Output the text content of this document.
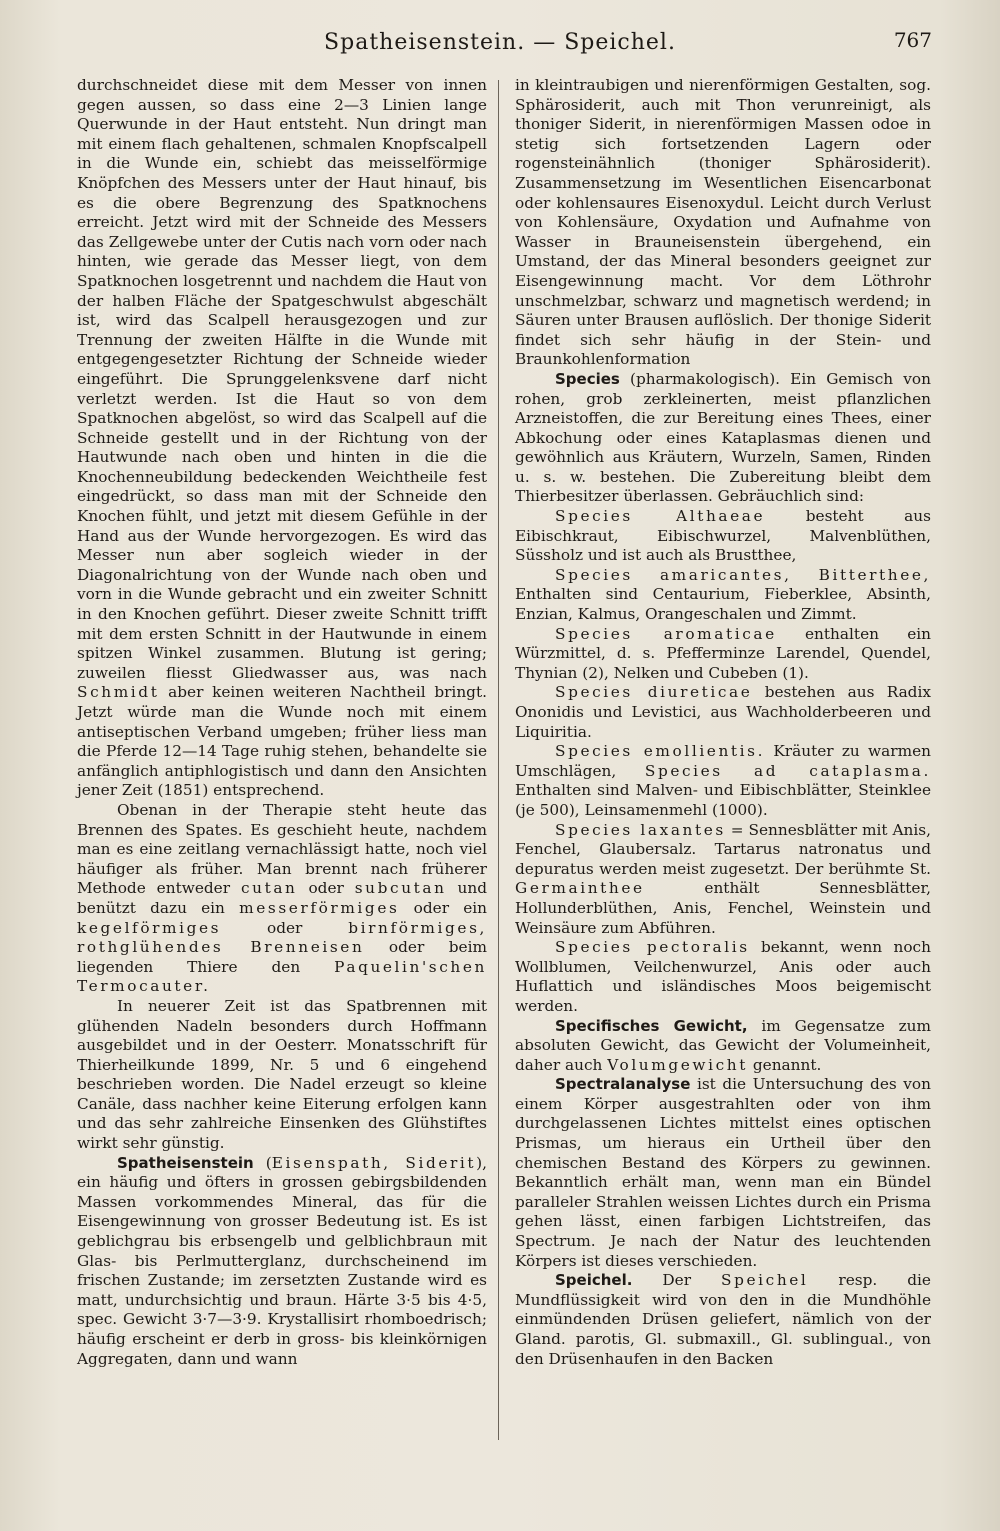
Spatheisenstein. — Speichel.	767

durchschneidet diese mit dem Messer von innen gegen aussen, so dass eine 2—3 Linien lange Querwunde in der Haut entsteht. Nun dringt man mit einem flach gehaltenen, schmalen Knopfscalpell in die Wunde ein, schiebt das meisselförmige Knöpfchen des Messers unter der Haut hinauf, bis es die obere Begrenzung des Spatknochens erreicht. Jetzt wird mit der Schneide des Messers das Zellgewebe unter der Cutis nach vorn oder nach hinten, wie gerade das Messer liegt, von dem Spatknochen losgetrennt und nachdem die Haut von der halben Fläche der Spatgeschwulst abgeschält ist, wird das Scalpell herausgezogen und zur Trennung der zweiten Hälfte in die Wunde mit entgegengesetzter Richtung der Schneide wieder eingeführt. Die Sprunggelenksvene darf nicht verletzt werden. Ist die Haut so von dem Spatknochen abgelöst, so wird das Scalpell auf die Schneide gestellt und in der Richtung von der Hautwunde nach oben und hinten in die die Knochenneubildung bedeckenden Weichtheile fest eingedrückt, so dass man mit der Schneide den Knochen fühlt, und jetzt mit diesem Gefühle in der Hand aus der Wunde hervorgezogen. Es wird das Messer nun aber sogleich wieder in der Diagonalrichtung von der Wunde nach oben und vorn in die Wunde gebracht und ein zweiter Schnitt in den Knochen geführt. Dieser zweite Schnitt trifft mit dem ersten Schnitt in der Hautwunde in einem spitzen Winkel zusammen. Blutung ist gering; zuweilen fliesst Gliedwasser aus, was nach Schmidt aber keinen weiteren Nachtheil bringt. Jetzt würde man die Wunde noch mit einem antiseptischen Verband umgeben; früher liess man die Pferde 12—14 Tage ruhig stehen, behandelte sie anfänglich antiphlogistisch und dann den Ansichten jener Zeit (1851) entsprechend.

Obenan in der Therapie steht heute das Brennen des Spates. Es geschieht heute, nachdem man es eine zeitlang vernachlässigt hatte, noch viel häufiger als früher. Man brennt nach früherer Methode entweder cutan oder subcutan und benützt dazu ein messerförmiges oder ein kegelförmiges	oder	birnförmiges, rothglühendes Brenneisen oder beim liegenden Thiere den Paquelin'schen Termocauter.

In neuerer Zeit ist das Spatbrennen mit glühenden Nadeln besonders durch Hoffmann ausgebildet und in der Oesterr. Monatsschrift für Thierheilkunde 1899, Nr. 5 und 6 eingehend beschrieben worden. Die Nadel erzeugt so kleine Canäle, dass nachher keine Eiterung erfolgen kann und das sehr zahlreiche Einsenken des Glühstiftes wirkt sehr günstig.

Spatheisenstein (Eisenspath, Siderit), ein häufig und öfters in grossen gebirgsbildenden Massen vorkommendes Mineral, das für die Eisengewinnung von grosser Bedeutung ist. Es ist geblichgrau bis erbsengelb und gelblichbraun mit Glas- bis Perlmutterglanz, durchscheinend im frischen Zustande; im zersetzten Zustande wird es matt, undurchsichtig und braun. Härte 3·5 bis 4·5, spec. Gewicht 3·7—3·9. Krystallisirt rhomboedrisch; häufig erscheint er derb in gross- bis kleinkörnigen Aggregaten, dann und wann

in kleintraubigen und nierenförmigen Gestalten, sog. Sphärosiderit, auch mit Thon verunreinigt, als thoniger Siderit, in nierenförmigen Massen odoe in stetig sich fortsetzenden Lagern oder rogensteinähnlich (thoniger Sphärosiderit). Zusammensetzung im Wesentlichen Eisencarbonat oder kohlensaures Eisenoxydul. Leicht durch Verlust von Kohlensäure, Oxydation und Aufnahme von Wasser in Brauneisenstein übergehend, ein Umstand, der das Mineral besonders geeignet zur Eisengewinnung macht. Vor dem Löthrohr unschmelzbar, schwarz und magnetisch werdend; in Säuren unter Brausen auflöslich. Der thonige Siderit findet sich sehr häufig in der Stein- und Braunkohlenformation

Species (pharmakologisch). Ein Gemisch von rohen, grob zerkleinerten, meist pflanzlichen Arzneistoffen, die zur Bereitung eines Thees, einer Abkochung oder eines Kataplasmas dienen und gewöhnlich aus Kräutern, Wurzeln, Samen, Rinden u. s. w. bestehen. Die Zubereitung bleibt dem Thierbesitzer überlassen. Gebräuchlich sind:

Species Althaeae	besteht aus Eibischkraut, Eibischwurzel, Malvenblüthen, Süssholz und ist auch als Brustthee,

Species amaricantes, Bitterthee, Enthalten sind Centaurium, Fieberklee, Absinth, Enzian, Kalmus, Orangeschalen und Zimmt.

Species aromaticae enthalten ein Würzmittel, d. s. Pfefferminze Larendel, Quendel, Thynian (2), Nelken und Cubeben (1).

Species diureticae bestehen aus Radix Ononidis und Levistici, aus Wachholderbeeren und Liquiritia.

Species emollientis. Kräuter zu warmen Umschlägen, Species ad cataplasma. Enthalten sind Malven- und Eibischblätter, Steinklee (je 500), Leinsamenmehl (1000).

Species laxantes = Sennesblätter mit Anis, Fenchel, Glaubersalz. Tartarus natronatus und depuratus werden meist zugesetzt. Der berühmte St. Germainthee	enthält Sennesblätter, Hollunderblüthen, Anis, Fenchel, Weinstein und Weinsäure zum Abführen.

Species pectoralis bekannt, wenn noch Wollblumen, Veilchenwurzel, Anis oder auch Huflattich und isländisches Moos beigemischt werden.

Specifisches Gewicht, im Gegensatze zum absoluten Gewicht, das Gewicht der Volumeinheit, daher auch Volumgewicht genannt.

Spectralanalyse ist die Untersuchung des von einem Körper ausgestrahlten oder von ihm durchgelassenen Lichtes mittelst eines optischen Prismas, um hieraus ein Urtheil über den chemischen Bestand des Körpers zu gewinnen. Bekanntlich erhält man, wenn man ein Bündel paralleler Strahlen weissen Lichtes durch ein Prisma gehen lässt, einen farbigen Lichtstreifen, das Spectrum. Je nach der Natur des leuchtenden Körpers ist dieses verschieden.

Speichel. Der Speichel resp. die Mundflüssigkeit wird von den in die Mundhöhle einmündenden Drüsen geliefert, nämlich von der Gland. parotis, Gl. submaxill., Gl. sublingual., von den Drüsenhaufen in den Backen
